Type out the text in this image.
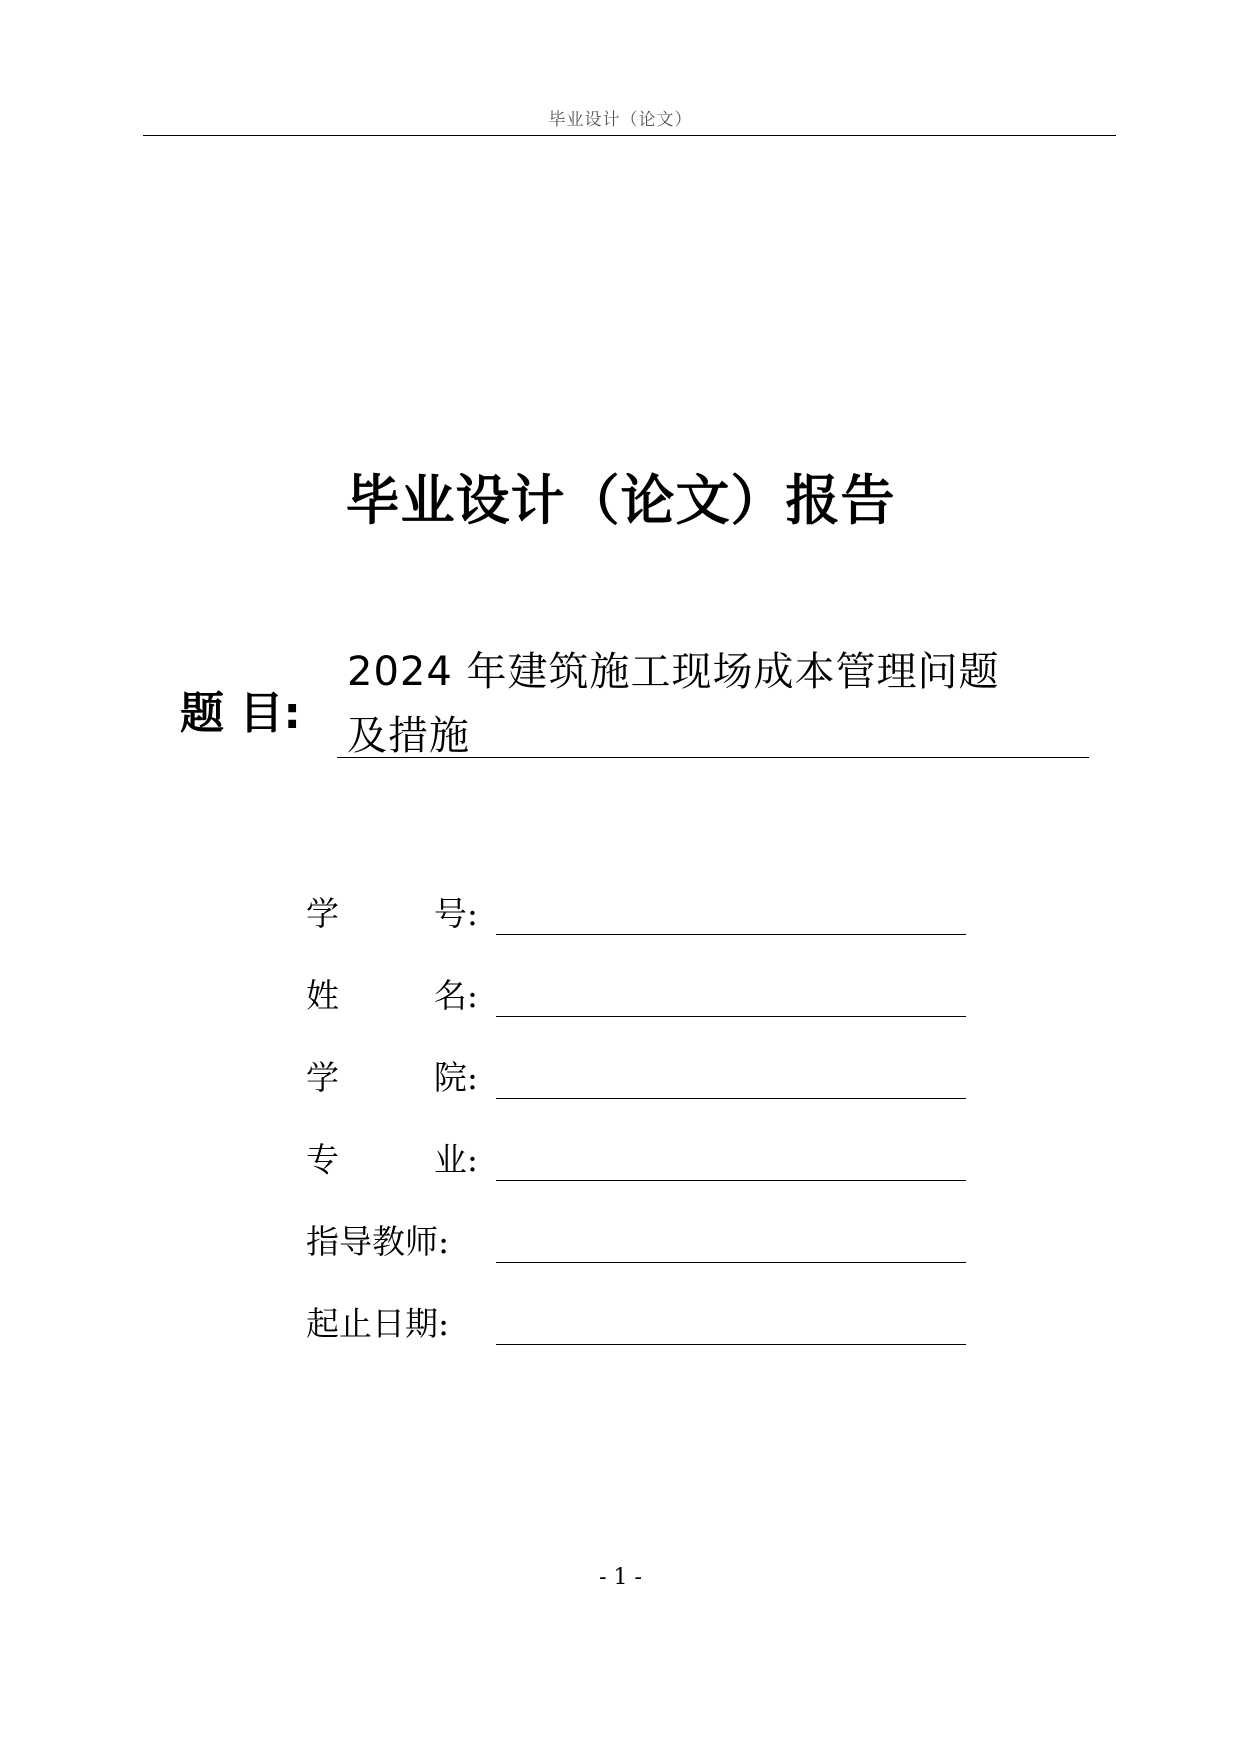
毕业设计（论文）
毕业设计（论文）报告
题 目:
2024 年建筑施工现场成本管理问题
及措施
学	号:
姓	名:
学	院:
专	业:
指导教师:
起止日期:
- 1 -
